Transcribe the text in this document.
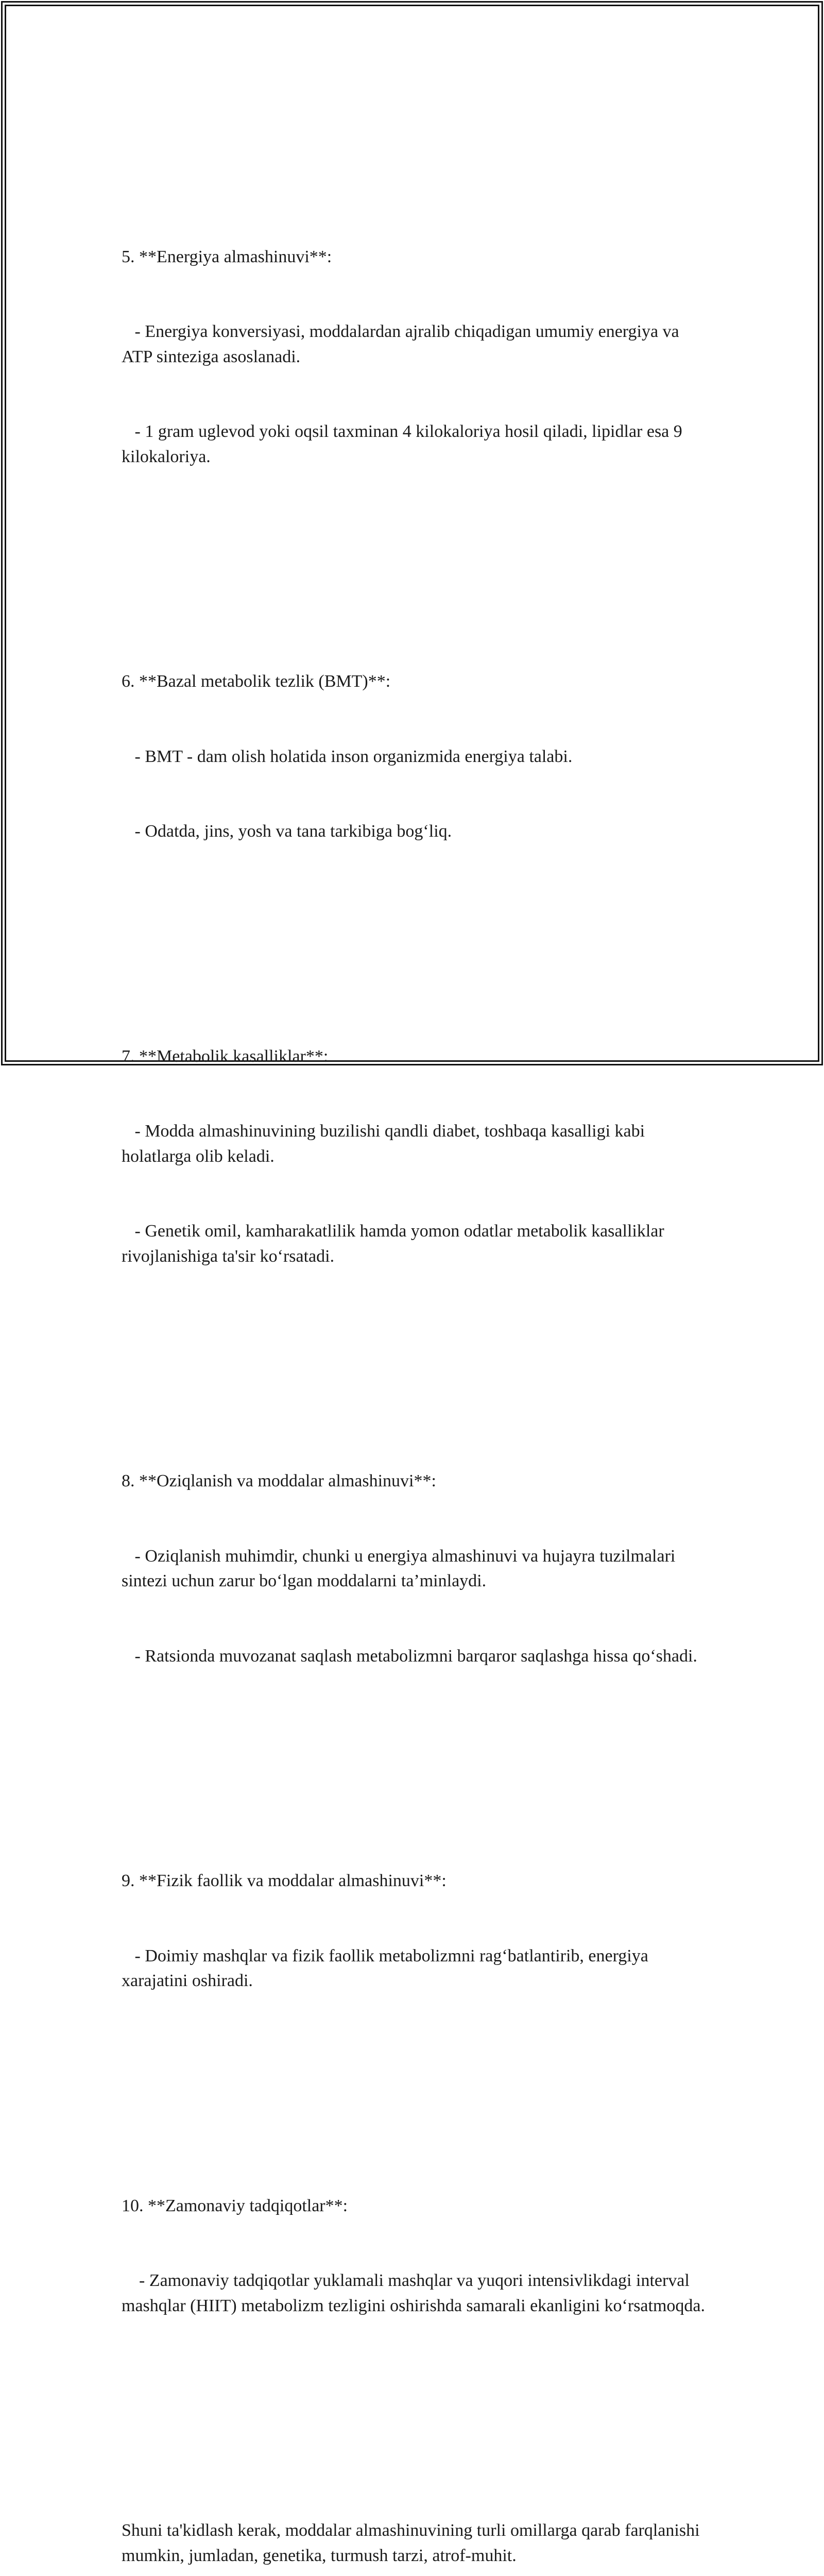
5. **Energiya almashinuvi**:

- Energiya konversiyasi, moddalardan ajralib chiqadigan umumiy energiya va ATP sinteziga asoslanadi.

- 1 gram uglevod yoki oqsil taxminan 4 kilokaloriya hosil qiladi, lipidlar esa 9 kilokaloriya.

6. **Bazal metabolik tezlik (BMT)**:

- BMT - dam olish holatida inson organizmida energiya talabi.

- Odatda, jins, yosh va tana tarkibiga bog‘liq.

7. **Metabolik kasalliklar**:

- Modda almashinuvining buzilishi qandli diabet, toshbaqa kasalligi kabi holatlarga olib keladi.

- Genetik omil, kamharakatlilik hamda yomon odatlar metabolik kasalliklar rivojlanishiga ta'sir ko‘rsatadi.

8. **Oziqlanish va moddalar almashinuvi**:

- Oziqlanish muhimdir, chunki u energiya almashinuvi va hujayra tuzilmalari sintezi uchun zarur bo‘lgan moddalarni ta’minlaydi.

- Ratsionda muvozanat saqlash metabolizmni barqaror saqlashga hissa qo‘shadi.

9. **Fizik faollik va moddalar almashinuvi**:

- Doimiy mashqlar va fizik faollik metabolizmni rag‘batlantirib, energiya xarajatini oshiradi.

10. **Zamonaviy tadqiqotlar**:

- Zamonaviy tadqiqotlar yuklamali mashqlar va yuqori intensivlikdagi interval mashqlar (HIIT) metabolizm tezligini oshirishda samarali ekanligini ko‘rsatmoqda.

Shuni ta'kidlash kerak, moddalar almashinuvining turli omillarga qarab farqlanishi mumkin, jumladan, genetika, turmush tarzi, atrof-muhit.
